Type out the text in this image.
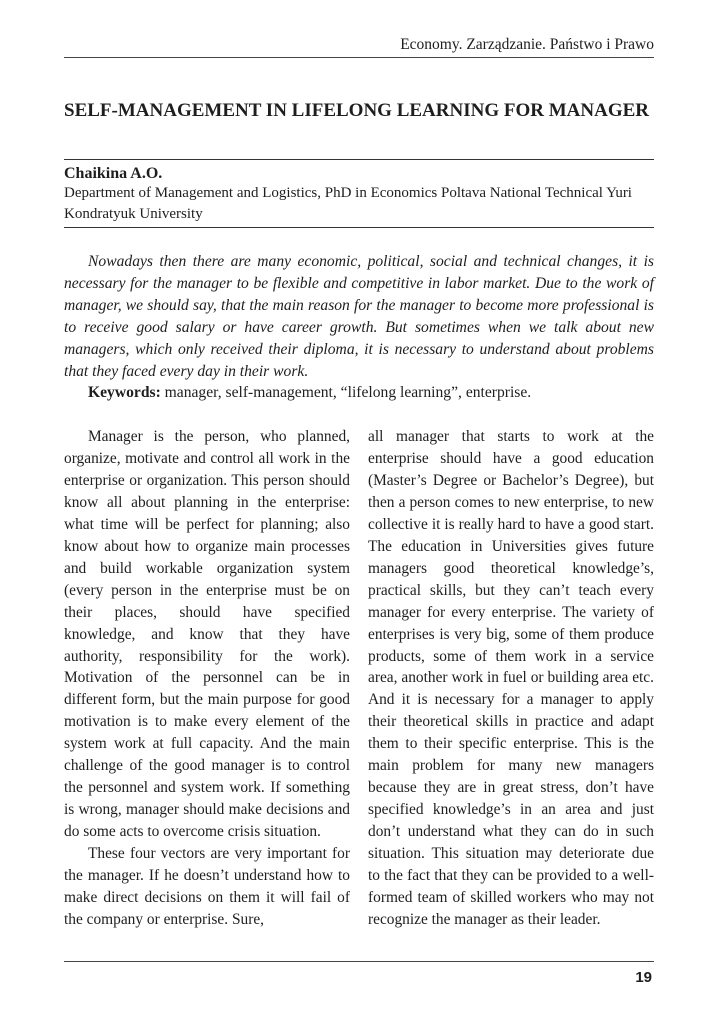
Economy. Zarządzanie. Państwo i Prawo
SELF-MANAGEMENT IN LIFELONG LEARNING FOR MANAGER
Chaikina A.O.
Department of Management and Logistics, PhD in Economics Poltava National Technical Yuri Kondratyuk University

Nowadays then there are many economic, political, social and technical changes, it is necessary for the manager to be flexible and competitive in labor market. Due to the work of manager, we should say, that the main reason for the manager to become more professional is to receive good salary or have career growth. But sometimes when we talk about new managers, which only received their diploma, it is necessary to understand about problems that they faced every day in their work.

Keywords: manager, self-management, “lifelong learning”, enterprise.

Manager is the person, who planned, organize, motivate and control all work in the enterprise or organization. This person should know all about planning in the enterprise: what time will be perfect for planning; also know about how to organize main processes and build workable organization system (every person in the enterprise must be on their places, should have specified knowledge, and know that they have authority, responsibility for the work). Motivation of the personnel can be in different form, but the main purpose for good motivation is to make every element of the system work at full capacity. And the main challenge of the good manager is to control the personnel and system work. If something is wrong, manager should make decisions and do some acts to overcome crisis situation.

These four vectors are very important for the manager. If he doesn’t understand how to make direct decisions on them it will fail of the company or enterprise. Sure,

all manager that starts to work at the enterprise should have a good education (Master’s Degree or Bachelor’s Degree), but then a person comes to new enterprise, to new collective it is really hard to have a good start. The education in Universities gives future managers good theoretical knowledge’s, practical skills, but they can’t teach every manager for every enterprise. The variety of enterprises is very big, some of them produce products, some of them work in a service area, another work in fuel or building area etc. And it is necessary for a manager to apply their theoretical skills in practice and adapt them to their specific enterprise. This is the main problem for many new managers because they are in great stress, don’t have specified knowledge’s in an area and just don’t understand what they can do in such situation. This situation may deteriorate due to the fact that they can be provided to a well-formed team of skilled workers who may not recognize the manager as their leader.

19
